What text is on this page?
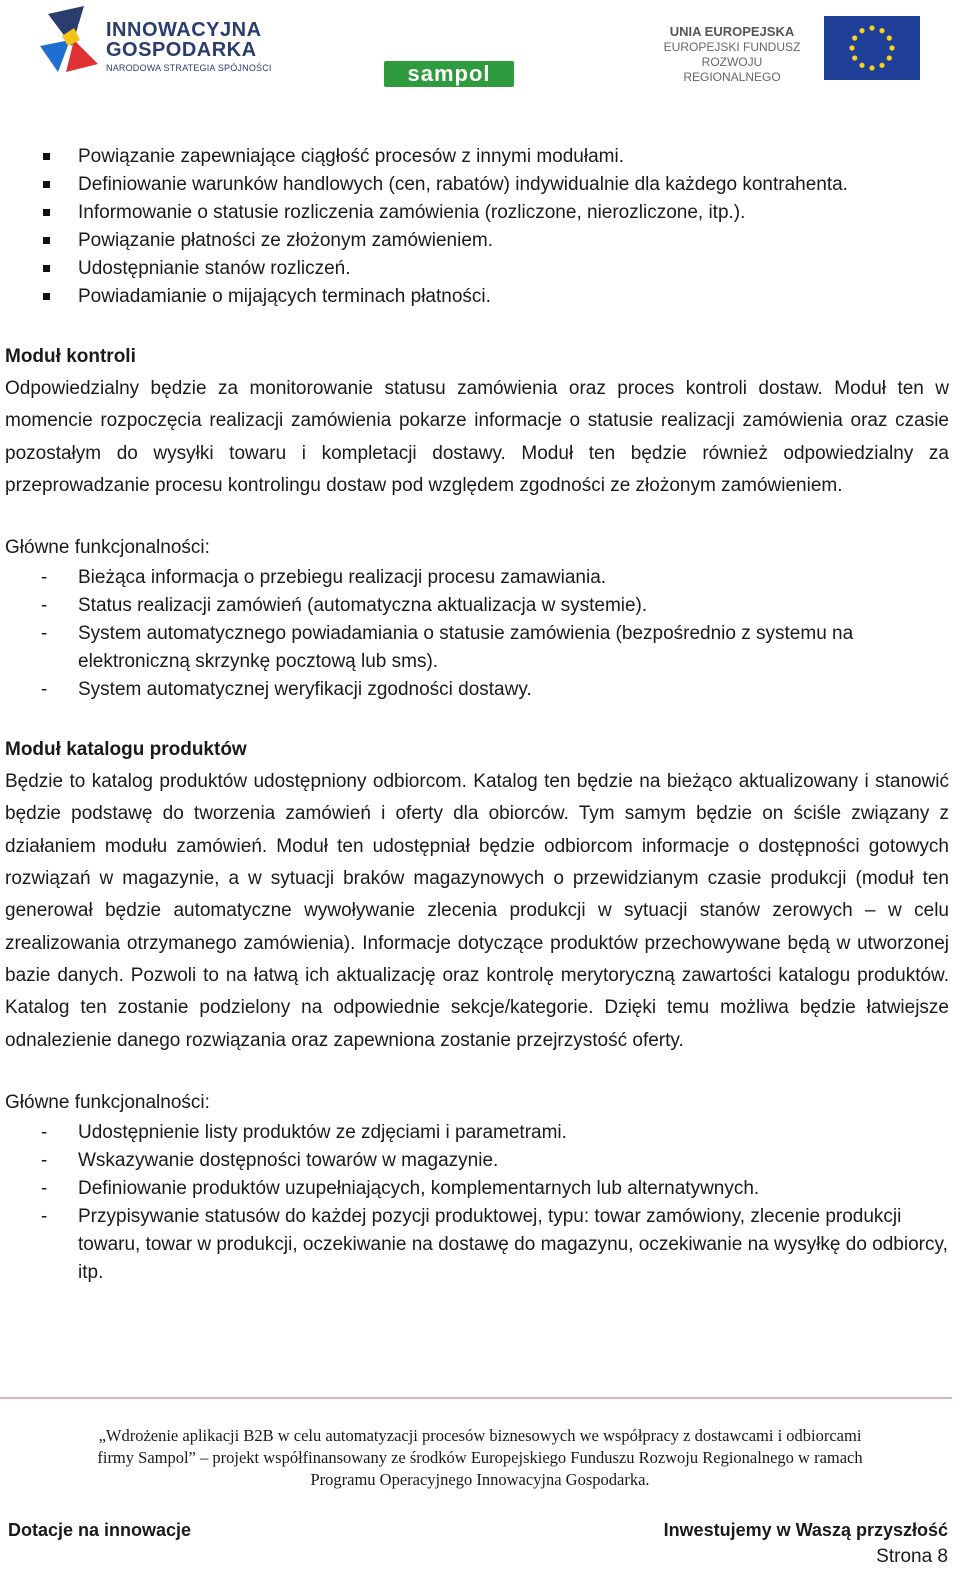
INNOWACYJNA
GOSPODARKA
NARODOWA STRATEGIA SPÓJNOŚCI	sampol
UNIA EUROPEJSKA
EUROPEJSKI FUNDUSZ
ROZWOJU REGIONALNEGO
Powiązanie zapewniające ciągłość procesów z innymi modułami.
Definiowanie warunków handlowych (cen, rabatów) indywidualnie dla każdego kontrahenta.
Informowanie o statusie rozliczenia zamówienia (rozliczone, nierozliczone, itp.).
Powiązanie płatności ze złożonym zamówieniem.
Udostępnianie stanów rozliczeń.
Powiadamianie o mijających terminach płatności.
Moduł kontroli

Odpowiedzialny będzie za monitorowanie statusu zamówienia oraz proces kontroli dostaw. Moduł ten w momencie rozpoczęcia realizacji zamówienia pokarze informacje o statusie realizacji zamówienia oraz czasie pozostałym do wysyłki towaru i kompletacji dostawy. Moduł ten będzie również odpowiedzialny za przeprowadzanie procesu kontrolingu dostaw pod względem zgodności ze złożonym zamówieniem.

Główne funkcjonalności:

- Bieżąca informacja o przebiegu realizacji procesu zamawiania.
- Status realizacji zamówień (automatyczna aktualizacja w systemie).
- System automatycznego powiadamiania o statusie zamówienia (bezpośrednio z systemu na elektroniczną skrzynkę pocztową lub sms).
- System automatycznej weryfikacji zgodności dostawy.
Moduł katalogu produktów

Będzie to katalog produktów udostępniony odbiorcom. Katalog ten będzie na bieżąco aktualizowany i stanowić będzie podstawę do tworzenia zamówień i oferty dla obiorców. Tym samym będzie on ściśle związany z działaniem modułu zamówień. Moduł ten udostępniał będzie odbiorcom informacje o dostępności gotowych rozwiązań w magazynie, a w sytuacji braków magazynowych o przewidzianym czasie produkcji (moduł ten generował będzie automatyczne wywoływanie zlecenia produkcji w sytuacji stanów zerowych – w celu zrealizowania otrzymanego zamówienia). Informacje dotyczące produktów przechowywane będą w utworzonej bazie danych. Pozwoli to na łatwą ich aktualizację oraz kontrolę merytoryczną zawartości katalogu produktów. Katalog ten zostanie podzielony na odpowiednie sekcje/kategorie. Dzięki temu możliwa będzie łatwiejsze odnalezienie danego rozwiązania oraz zapewniona zostanie przejrzystość oferty.

Główne funkcjonalności:

- Udostępnienie listy produktów ze zdjęciami i parametrami.
- Wskazywanie dostępności towarów w magazynie.
- Definiowanie produktów uzupełniających, komplementarnych lub alternatywnych.
- Przypisywanie statusów do każdej pozycji produktowej, typu: towar zamówiony, zlecenie produkcji towaru, towar w produkcji, oczekiwanie na dostawę do magazynu, oczekiwanie na wysyłkę do odbiorcy, itp.
„Wdrożenie aplikacji B2B w celu automatyzacji procesów biznesowych we współpracy z dostawcami i odbiorcami
firmy Sampol” – projekt współfinansowany ze środków Europejskiego Funduszu Rozwoju Regionalnego w ramach
Programu Operacyjnego Innowacyjna Gospodarka.
Dotacje na innowacje	Inwestujemy w Waszą przyszłość
Strona 8
